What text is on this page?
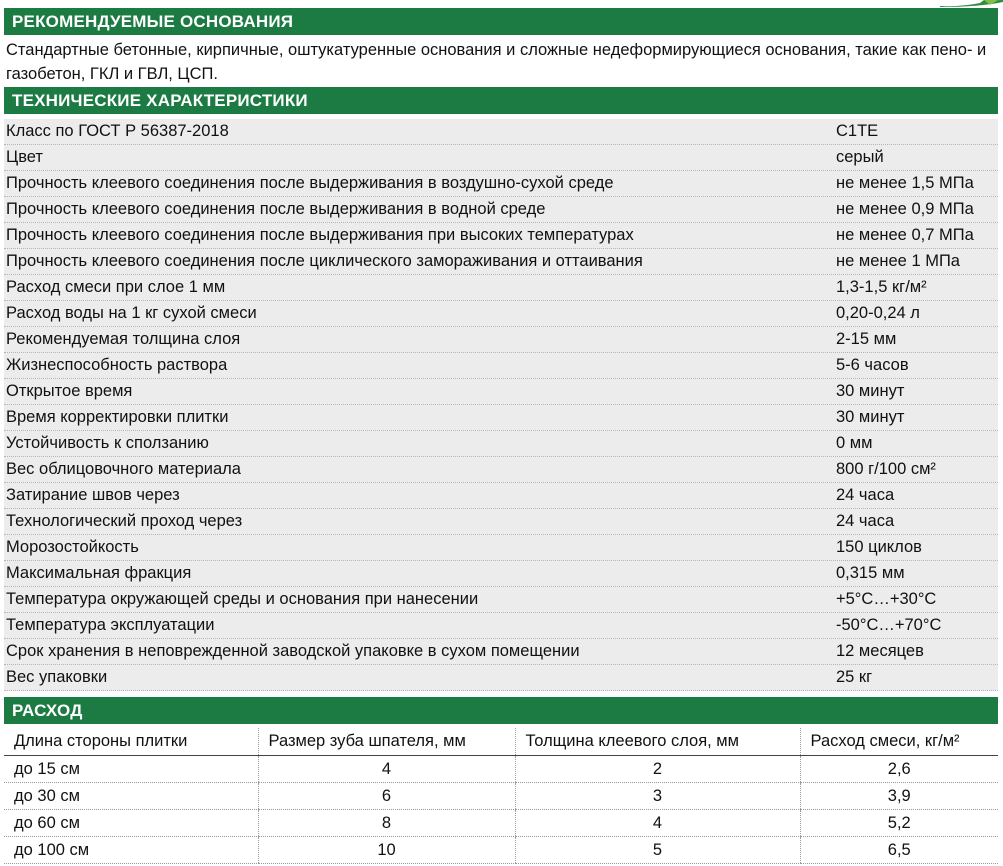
РЕКОМЕНДУЕМЫЕ ОСНОВАНИЯ
Стандартные бетонные, кирпичные, оштукатуренные основания и сложные недеформирующиеся основания, такие как пено- и газобетон, ГКЛ и ГВЛ, ЦСП.
ТЕХНИЧЕСКИЕ ХАРАКТЕРИСТИКИ
Класс по ГОСТ Р 56387-2018	C1TE
Цвет	серый
Прочность клеевого соединения после выдерживания в воздушно-сухой среде	не менее 1,5 МПа
Прочность клеевого соединения после выдерживания в водной среде	не менее 0,9 МПа
Прочность клеевого соединения после выдерживания при высоких температурах	не менее 0,7 МПа
Прочность клеевого соединения после циклического замораживания и оттаивания	не менее 1 МПа
Расход смеси при слое 1 мм	1,3-1,5 кг/м²
Расход воды на 1 кг сухой смеси	0,20-0,24 л
Рекомендуемая толщина слоя	2-15 мм
Жизнеспособность раствора	5-6 часов
Открытое время	30 минут
Время корректировки плитки	30 минут
Устойчивость к сползанию	0 мм
Вес облицовочного материала	800 г/100 см²
Затирание швов через	24 часа
Технологический проход через	24 часа
Морозостойкость	150 циклов
Максимальная фракция	0,315 мм
Температура окружающей среды и основания при нанесении	+5°C…+30°C
Температура эксплуатации	-50°C…+70°C
Срок хранения в неповрежденной заводской упаковке в сухом помещении	12 месяцев
Вес упаковки	25 кг
РАСХОД
Длина стороны плитки	Размер зуба шпателя, мм	Толщина клеевого слоя, мм	Расход смеси, кг/м²
до 15 см	4	2	2,6
до 30 см	6	3	3,9
до 60 см	8	4	5,2
до 100 см	10	5	6,5
